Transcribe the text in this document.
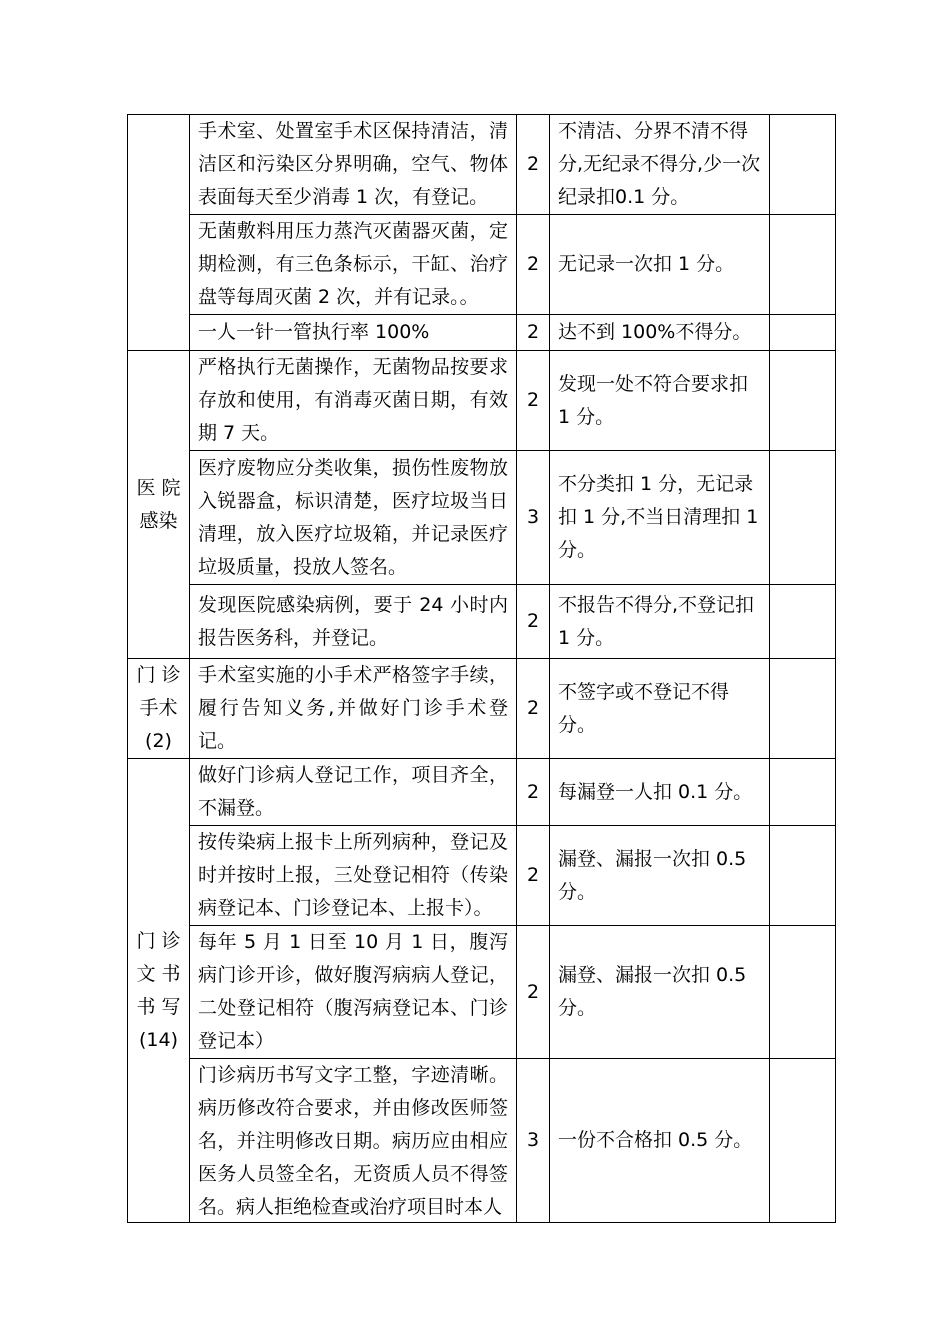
	手术室、处置室手术区保持清洁，清洁区和污染区分界明确，空气、物体表面每天至少消毒 1 次，有登记。	2	不清洁、分界不清不得分,无纪录不得分,少一次纪录扣0.1 分。	
	无菌敷料用压力蒸汽灭菌器灭菌，定期检测，有三色条标示，干缸、治疗盘等每周灭菌 2 次，并有记录。。	2	无记录一次扣 1 分。	
	一人一针一管执行率 100%	2	达不到 100%不得分。	

医 院
感染	严格执行无菌操作，无菌物品按要求存放和使用，有消毒灭菌日期，有效期 7 天。	2	发现一处不符合要求扣 1 分。	
	医疗废物应分类收集，损伤性废物放入锐器盒，标识清楚，医疗垃圾当日清理，放入医疗垃圾箱，并记录医疗垃圾质量，投放人签名。	3	不分类扣 1 分，无记录扣 1 分,不当日清理扣 1 分。	
	发现医院感染病例，要于 24 小时内报告医务科，并登记。	2	不报告不得分,不登记扣 1 分。	

门 诊
手术
(2)	手术室实施的小手术严格签字手续，履行告知义务,并做好门诊手术登记。	2	不签字或不登记不得分。	

门 诊
文 书
书 写
(14)	做好门诊病人登记工作，项目齐全，不漏登。	2	每漏登一人扣 0.1 分。	
	按传染病上报卡上所列病种，登记及时并按时上报，三处登记相符（传染病登记本、门诊登记本、上报卡）。	2	漏登、漏报一次扣 0.5 分。	
	每年 5 月 1 日至 10 月 1 日，腹泻病门诊开诊，做好腹泻病病人登记，二处登记相符（腹泻病登记本、门诊登记本）	2	漏登、漏报一次扣 0.5 分。	

	门诊病历书写文字工整，字迹清晰。病历修改符合要求，并由修改医师签名，并注明修改日期。病历应由相应医务人员签全名，无资质人员不得签名。病人拒绝检查或治疗项目时本人	3	一份不合格扣 0.5 分。	
